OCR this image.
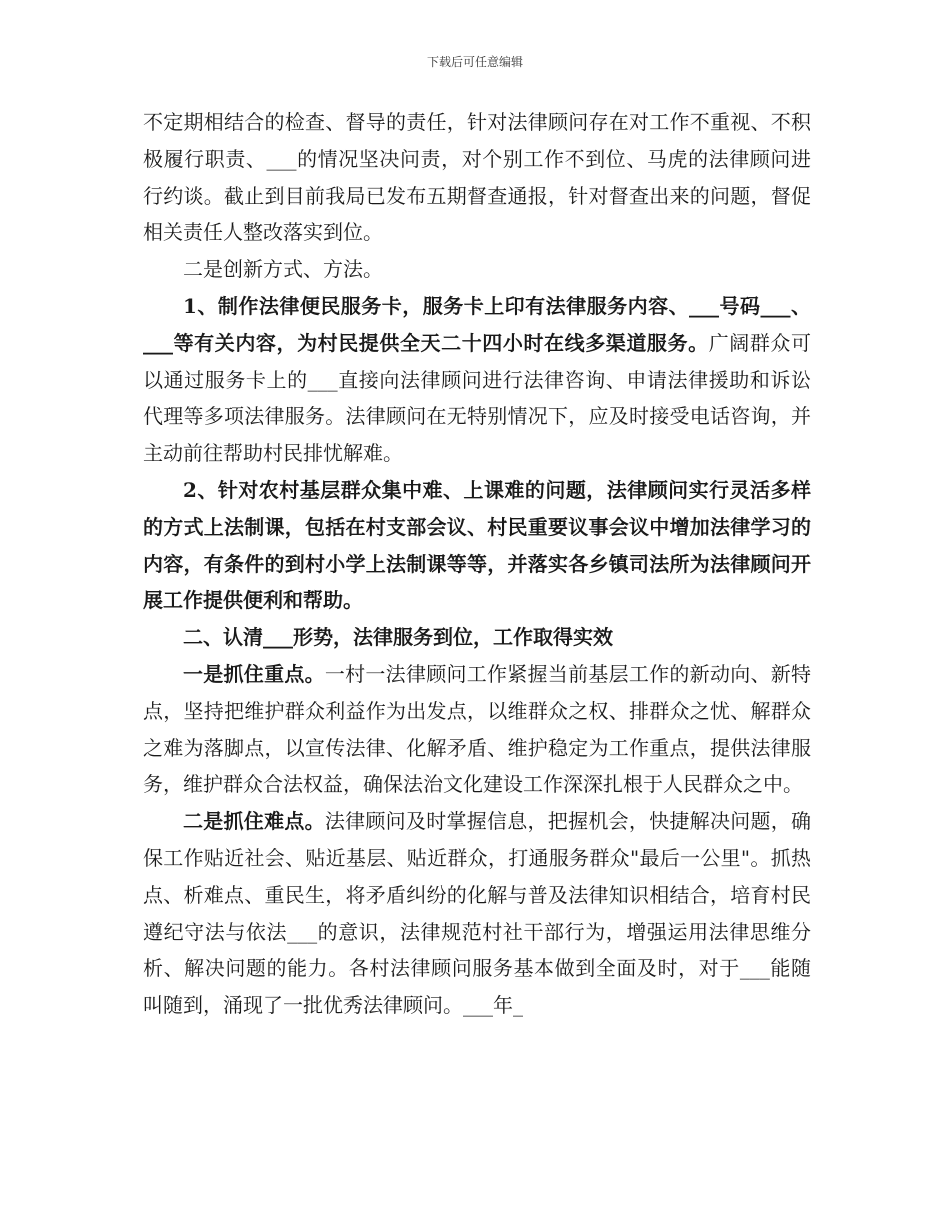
下载后可任意编辑

不定期相结合的检查、督导的责任，针对法律顾问存在对工作不重视、不积极履行职责、___的情况坚决问责，对个别工作不到位、马虎的法律顾问进行约谈。截止到目前我局已发布五期督查通报，针对督查出来的问题，督促相关责任人整改落实到位。

二是创新方式、方法。

1、制作法律便民服务卡，服务卡上印有法律服务内容、___号码___、___等有关内容，为村民提供全天二十四小时在线多渠道服务。广阔群众可以通过服务卡上的___直接向法律顾问进行法律咨询、申请法律援助和诉讼代理等多项法律服务。法律顾问在无特别情况下，应及时接受电话咨询，并主动前往帮助村民排忧解难。

2、针对农村基层群众集中难、上课难的问题，法律顾问实行灵活多样的方式上法制课，包括在村支部会议、村民重要议事会议中增加法律学习的内容，有条件的到村小学上法制课等等，并落实各乡镇司法所为法律顾问开展工作提供便利和帮助。

二、认清___形势，法律服务到位，工作取得实效

一是抓住重点。一村一法律顾问工作紧握当前基层工作的新动向、新特点，坚持把维护群众利益作为出发点，以维群众之权、排群众之忧、解群众之难为落脚点，以宣传法律、化解矛盾、维护稳定为工作重点，提供法律服务，维护群众合法权益，确保法治文化建设工作深深扎根于人民群众之中。

二是抓住难点。法律顾问及时掌握信息，把握机会，快捷解决问题，确保工作贴近社会、贴近基层、贴近群众，打通服务群众"最后一公里"。抓热点、析难点、重民生，将矛盾纠纷的化解与普及法律知识相结合，培育村民遵纪守法与依法___的意识，法律规范村社干部行为，增强运用法律思维分析、解决问题的能力。各村法律顾问服务基本做到全面及时，对于___能随叫随到，涌现了一批优秀法律顾问。___年_
